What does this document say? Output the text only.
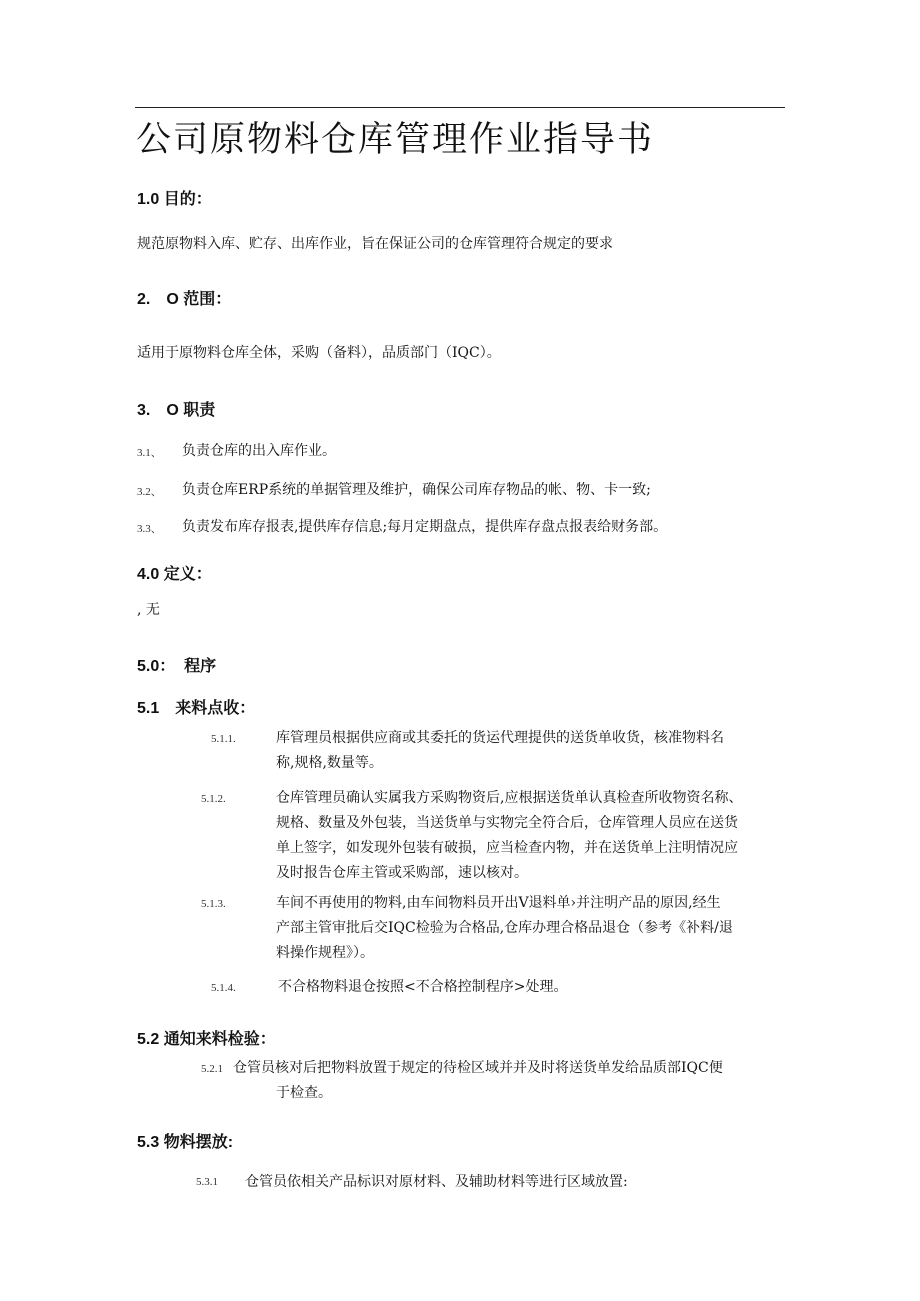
公司原物料仓库管理作业指导书
1.0 目的：
规范原物料入库、贮存、出库作业，旨在保证公司的仓库管理符合规定的要求
2.　O 范围：
适用于原物料仓库全体，采购（备料），品质部门（IQC）。
3.　O 职责
3.1、 负责仓库的出入库作业。
3.2、 负责仓库ERP系统的单据管理及维护，确保公司库存物品的帐、物、卡一致;
3.3、 负责发布库存报表,提供库存信息;每月定期盘点，提供库存盘点报表给财务部。
4.0 定义：
, 无
5.0：  程序
5.1　来料点收：
5.1.1.	库管理员根据供应商或其委托的货运代理提供的送货单收货，核准物料名
称,规格,数量等。
5.1.2.	仓库管理员确认实属我方采购物资后,应根据送货单认真检查所收物资名称、
规格、数量及外包装，当送货单与实物完全符合后，仓库管理人员应在送货
单上签字，如发现外包装有破损，应当检查内物，并在送货单上注明情况应
及时报告仓库主管或采购部，速以核对。
5.1.3.	车间不再使用的物料,由车间物料员开出V退料单›并注明产品的原因,经生
产部主管审批后交IQC检验为合格品,仓库办理合格品退仓（参考《补料/退
料操作规程》）。
5.1.4.	不合格物料退仓按照<不合格控制程序>处理。
5.2 通知来料检验：
5.2.1 仓管员核对后把物料放置于规定的待检区域并并及时将送货单发给品质部IQC便
于检查。
5.3 物料摆放:
5.3.1 仓管员依相关产品标识对原材料、及辅助材料等进行区域放置:
